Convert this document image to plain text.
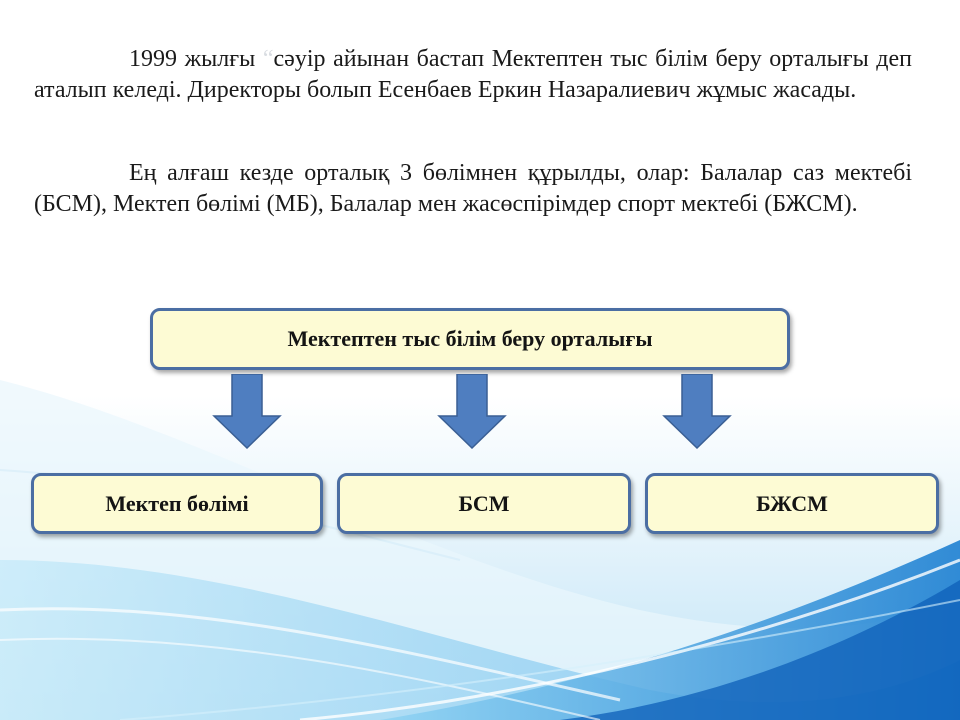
1999 жылғы “сәуір айынан бастап Мектептен тыс білім беру орталығы деп аталып келеді. Директоры болып Есенбаев Еркин Назаралиевич жұмыс жасады.

Ең алғаш кезде орталық 3 бөлімнен құрылды, олар: Балалар саз мектебі (БСМ), Мектеп бөлімі (МБ), Балалар мен жасөспірімдер спорт мектебі (БЖСМ).

Мектептен тыс білім беру орталығы
Мектеп бөлімі	БСМ	БЖСМ
